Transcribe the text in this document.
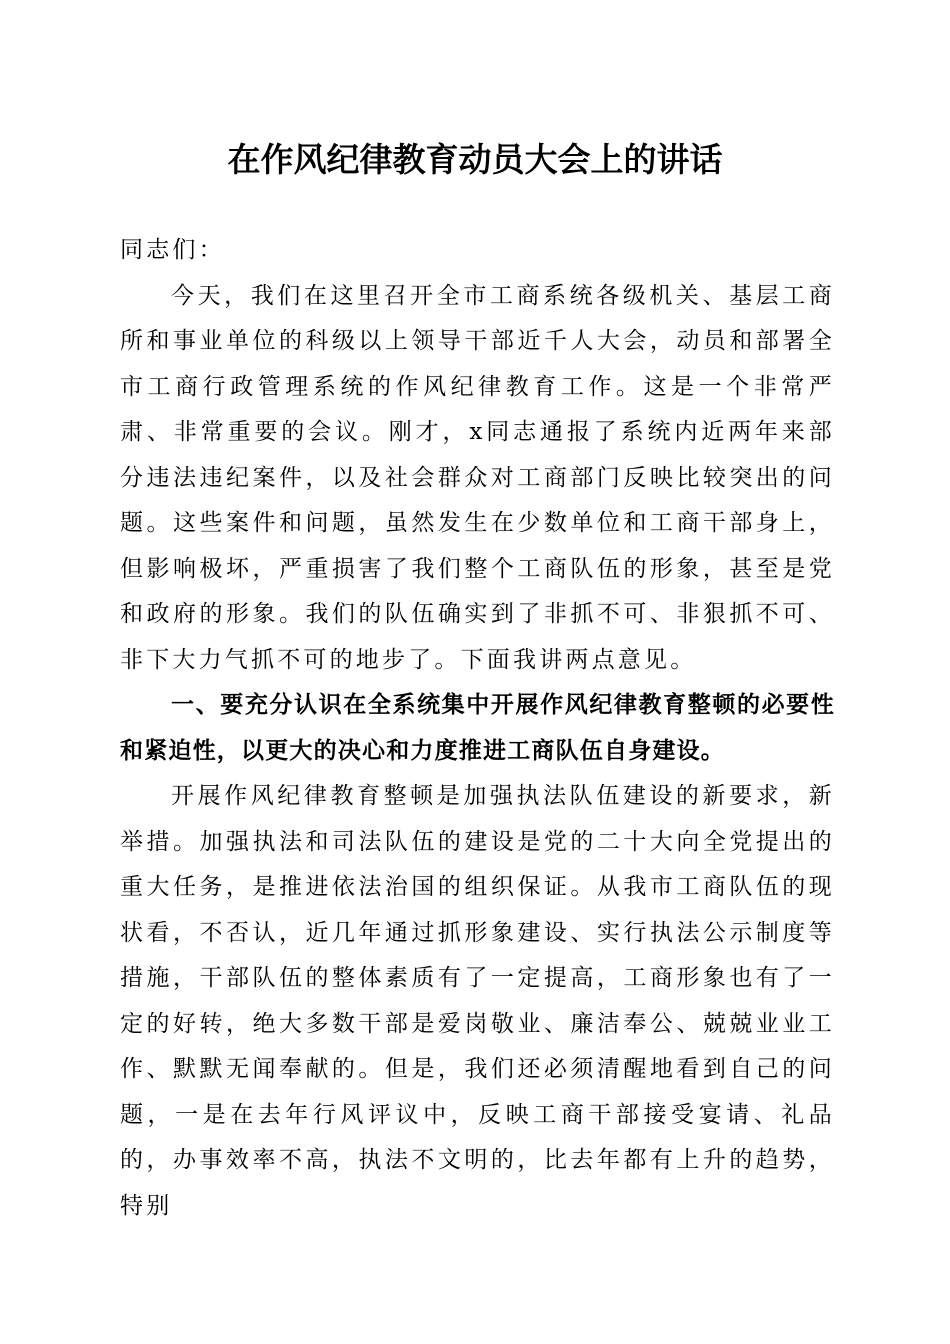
在作风纪律教育动员大会上的讲话

同志们：

今天，我们在这里召开全市工商系统各级机关、基层工商所和事业单位的科级以上领导干部近千人大会，动员和部署全市工商行政管理系统的作风纪律教育工作。这是一个非常严肃、非常重要的会议。刚才，x同志通报了系统内近两年来部分违法违纪案件，以及社会群众对工商部门反映比较突出的问题。这些案件和问题，虽然发生在少数单位和工商干部身上，但影响极坏，严重损害了我们整个工商队伍的形象，甚至是党和政府的形象。我们的队伍确实到了非抓不可、非狠抓不可、非下大力气抓不可的地步了。下面我讲两点意见。

一、要充分认识在全系统集中开展作风纪律教育整顿的必要性和紧迫性，以更大的决心和力度推进工商队伍自身建设。

开展作风纪律教育整顿是加强执法队伍建设的新要求，新举措。加强执法和司法队伍的建设是党的二十大向全党提出的重大任务，是推进依法治国的组织保证。从我市工商队伍的现状看，不否认，近几年通过抓形象建设、实行执法公示制度等措施，干部队伍的整体素质有了一定提高，工商形象也有了一定的好转，绝大多数干部是爱岗敬业、廉洁奉公、兢兢业业工作、默默无闻奉献的。但是，我们还必须清醒地看到自己的问题，一是在去年行风评议中，反映工商干部接受宴请、礼品的，办事效率不高，执法不文明的，比去年都有上升的趋势，特别
